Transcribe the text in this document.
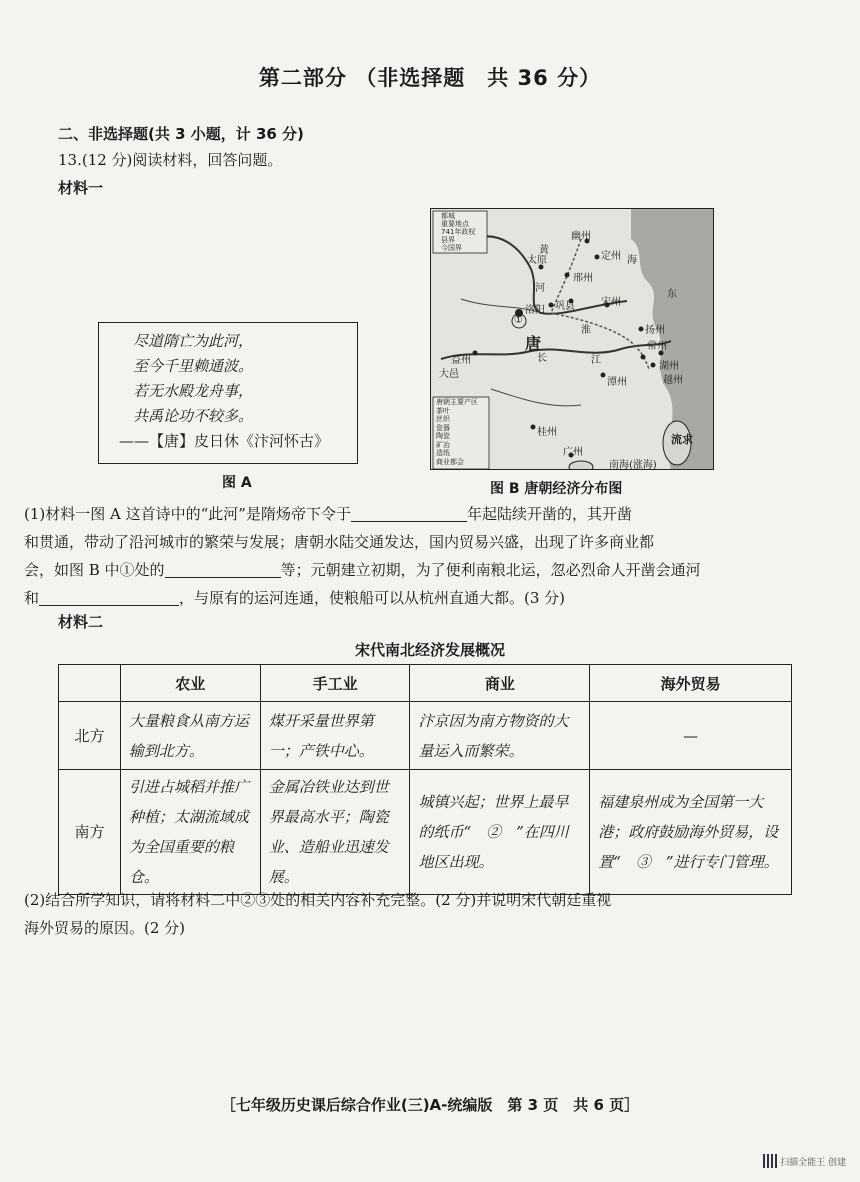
第二部分 （非选择题　共 36 分）
二、非选择题(共 3 小题，计 36 分)
13.(12 分)阅读材料，回答问题。
材料一
尽道隋亡为此河，
至今千里赖通波。
若无水殿龙舟事，
共禹论功不较多。
——【唐】皮日休《汴河怀古》
图 A
都城
重要地点
741年政权
县界
今国界
唐朝主要产区
茶叶
丝织
瓷器
陶瓷
矿冶
造纸
商业都会
幽州
太原	定州
邢州
黄
河
海
东
洛阳 巩县	宋州
①
唐
淮	扬州
益州
大邑
长	江
常州
湖州
越州
潭州
桂州
广州
流求
南海(涨海)
图 B 唐朝经济分布图
(1)材料一图 A 这首诗中的“此河”是隋炀帝下令于	年起陆续开凿的，其开凿
和贯通，带动了沿河城市的繁荣与发展；唐朝水陆交通发达，国内贸易兴盛，出现了许多商业都
会，如图 B 中①处的	等；元朝建立初期，为了便利南粮北运，忽必烈命人开凿会通河
和	，与原有的运河连通，使粮船可以从杭州直通大都。(3 分)
材料二
宋代南北经济发展概况
	农业	手工业	商业	海外贸易
北方	大量粮食从南方运输到北方。	煤开采量世界第一；产铁中心。	汴京因为南方物资的大量运入而繁荣。	—
南方	引进占城稻并推广种植；太湖流域成为全国重要的粮仓。	金属冶铁业达到世界最高水平；陶瓷业、造船业迅速发展。	城镇兴起；世界上最早的纸币“　②　”在四川地区出现。	福建泉州成为全国第一大港；政府鼓励海外贸易，设置“　③　”进行专门管理。
(2)结合所学知识，请将材料二中②③处的相关内容补充完整。(2 分)并说明宋代朝廷重视
海外贸易的原因。(2 分)
［七年级历史课后综合作业(三)A-统编版　第 3 页　共 6 页］
扫描全能王 创建
